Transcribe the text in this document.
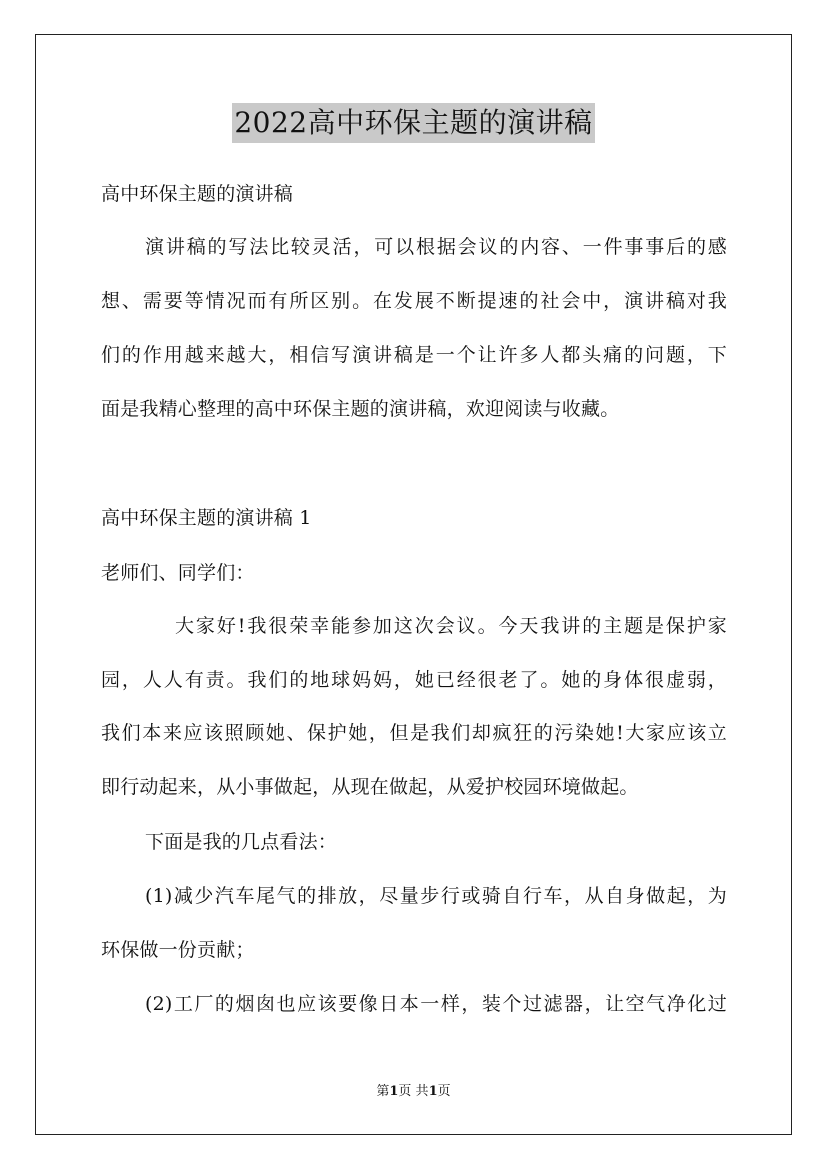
2022高中环保主题的演讲稿
高中环保主题的演讲稿
演讲稿的写法比较灵活，可以根据会议的内容、一件事事后的感
想、需要等情况而有所区别。在发展不断提速的社会中，演讲稿对我
们的作用越来越大，相信写演讲稿是一个让许多人都头痛的问题，下
面是我精心整理的高中环保主题的演讲稿，欢迎阅读与收藏。
高中环保主题的演讲稿 1
老师们、同学们：
大家好!我很荣幸能参加这次会议。今天我讲的主题是保护家
园，人人有责。我们的地球妈妈，她已经很老了。她的身体很虚弱，
我们本来应该照顾她、保护她，但是我们却疯狂的污染她!大家应该立
即行动起来，从小事做起，从现在做起，从爱护校园环境做起。
下面是我的几点看法：
(1)减少汽车尾气的排放，尽量步行或骑自行车，从自身做起，为
环保做一份贡献；
(2)工厂的烟囱也应该要像日本一样，装个过滤器，让空气净化过
第1页 共1页
